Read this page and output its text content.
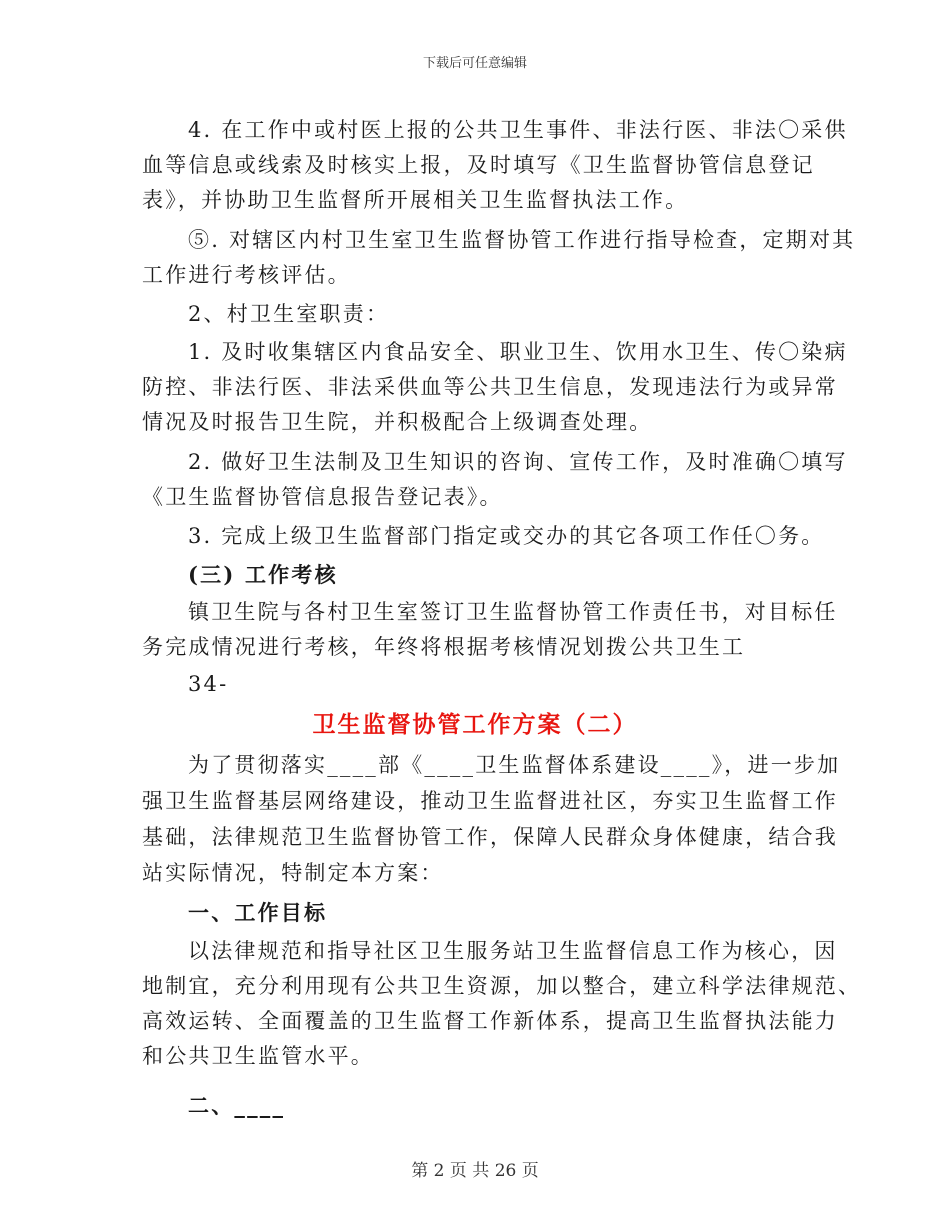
下载后可任意编辑
4. 在工作中或村医上报的公共卫生事件、非法行医、非法〇采供
血等信息或线索及时核实上报，及时填写《卫生监督协管信息登记
表》，并协助卫生监督所开展相关卫生监督执法工作。
⑤. 对辖区内村卫生室卫生监督协管工作进行指导检查，定期对其
工作进行考核评估。
2、村卫生室职责：
1. 及时收集辖区内食品安全、职业卫生、饮用水卫生、传〇染病
防控、非法行医、非法采供血等公共卫生信息，发现违法行为或异常
情况及时报告卫生院，并积极配合上级调查处理。
2. 做好卫生法制及卫生知识的咨询、宣传工作，及时准确〇填写
《卫生监督协管信息报告登记表》。
3. 完成上级卫生监督部门指定或交办的其它各项工作任〇务。
(三) 工作考核
镇卫生院与各村卫生室签订卫生监督协管工作责任书，对目标任
务完成情况进行考核，年终将根据考核情况划拨公共卫生工
34-
卫生监督协管工作方案（二）
为了贯彻落实____部《____卫生监督体系建设____》，进一步加
强卫生监督基层网络建设，推动卫生监督进社区，夯实卫生监督工作
基础，法律规范卫生监督协管工作，保障人民群众身体健康，结合我
站实际情况，特制定本方案：
一、工作目标
以法律规范和指导社区卫生服务站卫生监督信息工作为核心，因
地制宜，充分利用现有公共卫生资源，加以整合，建立科学法律规范、
高效运转、全面覆盖的卫生监督工作新体系，提高卫生监督执法能力
和公共卫生监管水平。
二、____
第 2 页 共 26 页
